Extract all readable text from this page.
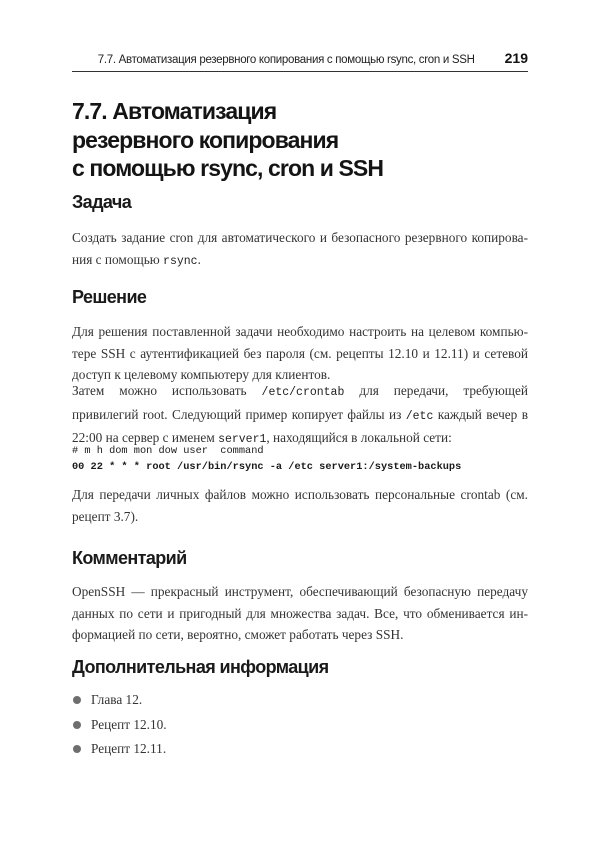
7.7. Автоматизация резервного копирования с помощью rsync, cron и SSH 219
7.7. Автоматизация
резервного копирования
с помощью rsync, cron и SSH
Задача

Создать задание cron для автоматического и безопасного резервного копирова-ния с помощью rsync.

Решение

Для решения поставленной задачи необходимо настроить на целевом компью-тере SSH с аутентификацией без пароля (см. рецепты 12.10 и 12.11) и сетевой доступ к целевому компьютеру для клиентов.

Затем можно использовать /etc/crontab для передачи, требующей привилегий root. Следующий пример копирует файлы из /etc каждый вечер в 22:00 на сервер с именем server1, находящийся в локальной сети:

# m h dom mon dow user  command
00 22 * * * root /usr/bin/rsync -a /etc server1:/system-backups

Для передачи личных файлов можно использовать персональные crontab (см. рецепт 3.7).

Комментарий

OpenSSH — прекрасный инструмент, обеспечивающий безопасную передачу данных по сети и пригодный для множества задач. Все, что обменивается ин-формацией по сети, вероятно, сможет работать через SSH.

Дополнительная информация
Глава 12.
Рецепт 12.10.
Рецепт 12.11.
